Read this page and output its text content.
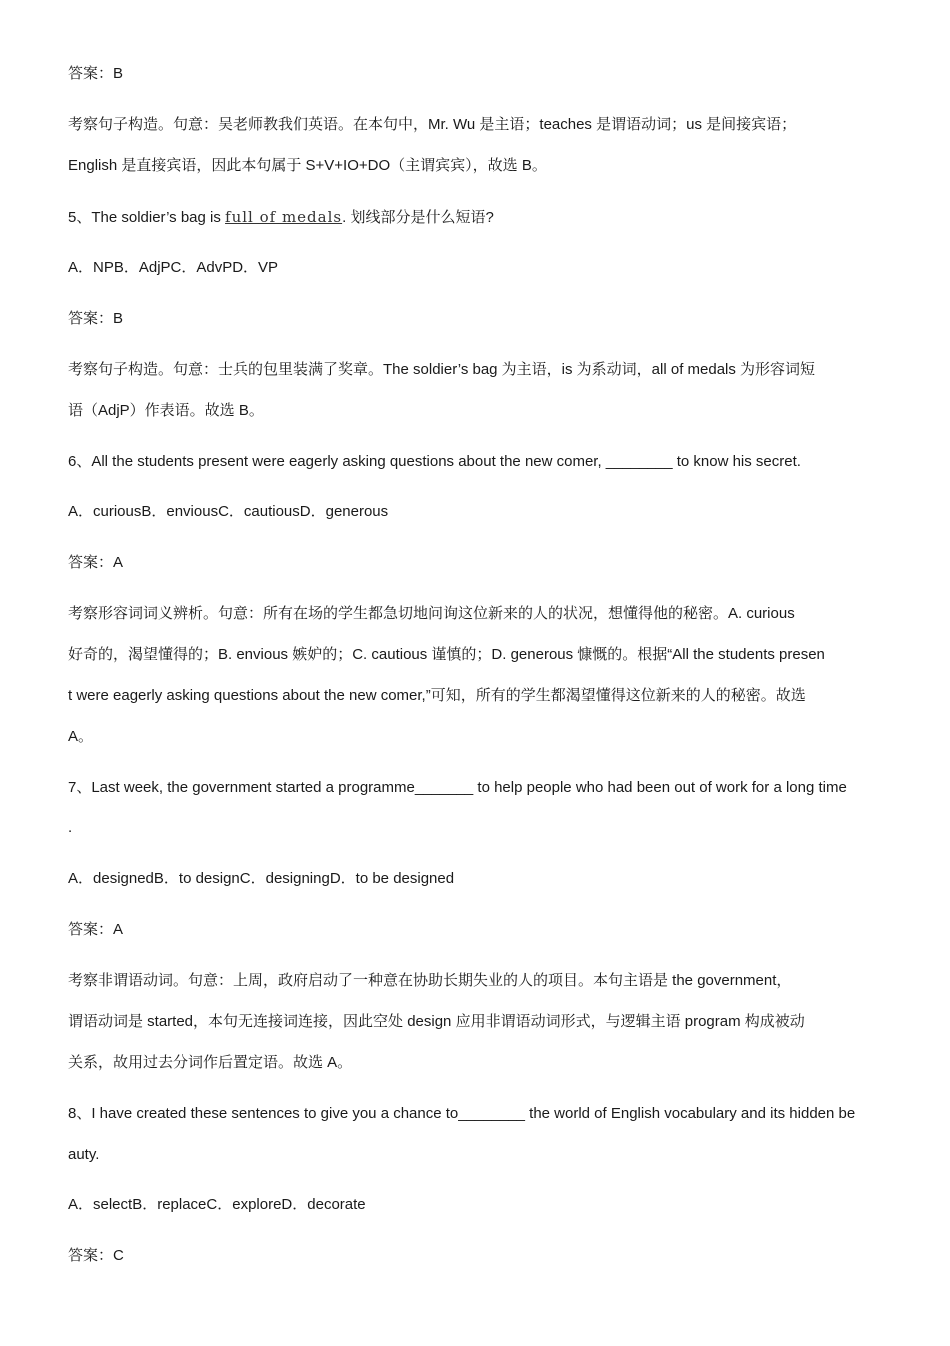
答案：B
考察句子构造。句意：吴老师教我们英语。在本句中，Mr. Wu 是主语；teaches 是谓语动词；us 是间接宾语；
English 是直接宾语，因此本句属于 S+V+IO+DO（主谓宾宾），故选 B。
5、The soldier’s bag is full of medals. 划线部分是什么短语?
A．NPB．AdjPC．AdvPD．VP
答案：B
考察句子构造。句意：士兵的包里装满了奖章。The soldier’s bag 为主语，is 为系动词，all of medals 为形容词短
语（AdjP）作表语。故选 B。
6、All the students present were eagerly asking questions about the new comer, ________ to know his secret.
A．curiousB．enviousC．cautiousD．generous
答案：A
考察形容词词义辨析。句意：所有在场的学生都急切地问询这位新来的人的状况，想懂得他的秘密。A. curious
好奇的，渴望懂得的；B. envious 嫉妒的；C. cautious 谨慎的；D. generous 慷慨的。根据“All the students presen
t were eagerly asking questions about the new comer,”可知，所有的学生都渴望懂得这位新来的人的秘密。故选
A。
7、Last week, the government started a programme_______ to help people who had been out of work for a long time
.
A．designedB．to designC．designingD．to be designed
答案：A
考察非谓语动词。句意：上周，政府启动了一种意在协助长期失业的人的项目。本句主语是 the government，
谓语动词是 started，本句无连接词连接，因此空处 design 应用非谓语动词形式，与逻辑主语 program 构成被动
关系，故用过去分词作后置定语。故选 A。
8、I have created these sentences to give you a chance to________ the world of English vocabulary and its hidden be
auty.
A．selectB．replaceC．exploreD．decorate
答案：C
